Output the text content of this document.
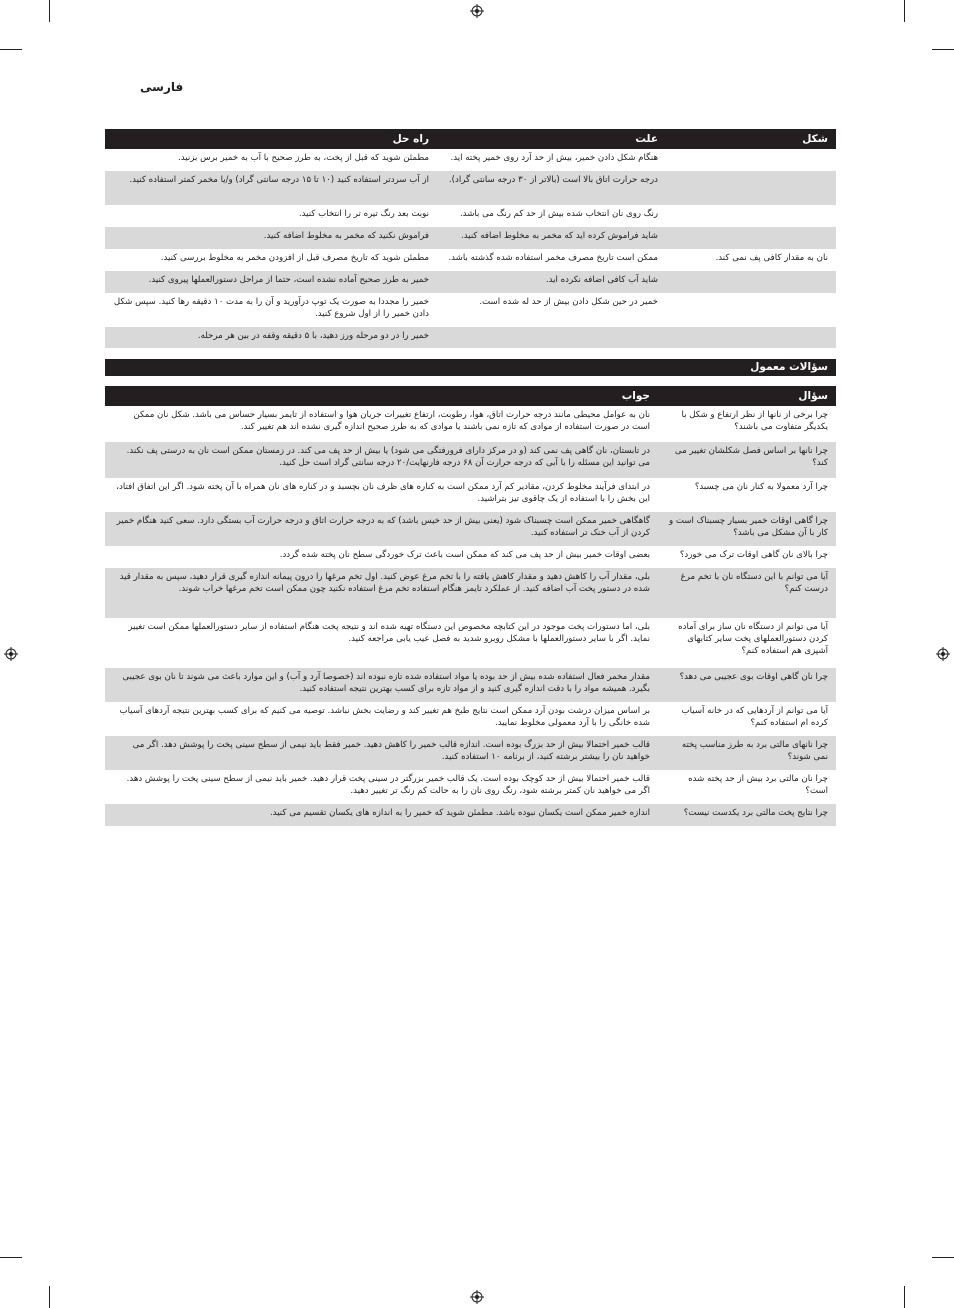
فارسی
شکل
علت
راه حل
نان به مقدار کافی پف نمی کند.
هنگام شکل دادن خمیر، بیش از حد آرد روی خمیر پخته اید.
مطمئن شوید که قبل از پخت، به طرز صحیح با آب به خمیر برس بزنید.
درجه حرارت اتاق بالا است (بالاتر از ۳۰ درجه سانتی گراد).
از آب سردتر استفاده کنید (۱۰ تا ۱۵ درجه سانتی گراد) و/یا مخمر کمتر استفاده کنید.
رنگ روی نان انتخاب شده بیش از حد کم رنگ می باشد.
نوبت بعد رنگ تیره تر را انتخاب کنید.
شاید فراموش کرده اید که مخمر به مخلوط اضافه کنید.
فراموش نکنید که مخمر به مخلوط اضافه کنید.
ممکن است تاریخ مصرف مخمر استفاده شده گذشته باشد.
مطمئن شوید که تاریخ مصرف قبل از افزودن مخمر به مخلوط بررسی کنید.
شاید آب کافی اضافه نکرده اید.
خمیر به طرز صحیح آماده نشده است، حتما از مراحل دستورالعملها پیروی کنید.
خمیر در حین شکل دادن بیش از حد له شده است.
خمیر را مجددا به صورت یک توپ درآورید و آن را به مدت ۱۰ دقیقه رها کنید. سپس شکل دادن خمیر را از اول شروع کنید.
خمیر را در دو مرحله ورز دهید، با ۵ دقیقه وقفه در بین هر مرحله.
سؤالات معمول
سؤال
جواب
چرا برخی از نانها از نظر ارتفاع و شکل با یکدیگر متفاوت می باشند؟
نان به عوامل محیطی مانند درجه حرارت اتاق، هوا، رطوبت، ارتفاع تغییرات جریان هوا و استفاده از تایمر بسیار حساس می باشد. شکل نان ممکن است در صورت استفاده از موادی که تازه نمی باشند یا موادی که به طرز صحیح اندازه گیری نشده اند هم تغییر کند.
چرا نانها بر اساس فصل شکلشان تغییر می کند؟
در تابستان، نان گاهی پف نمی کند (و در مرکز دارای فرورفتگی می شود) یا بیش از حد پف می کند. در زمستان ممکن است نان به درستی پف نکند. می توانید این مسئله را با آبی که درجه حرارت آن ۶۸ درجه فارنهایت/۲۰ درجه سانتی گراد است حل کنید.
چرا آرد معمولا به کنار نان می چسبد؟
در ابتدای فرآیند مخلوط کردن، مقادیر کم آرد ممکن است به کناره های ظرف نان بچسبد و در کناره های نان همراه با آن پخته شود. اگر این اتفاق افتاد، این بخش را با استفاده از یک چاقوی تیز بتراشید.
چرا گاهی اوقات خمیر بسیار چسبناک است و کار با آن مشکل می باشد؟
گاهگاهی خمیر ممکن است چسبناک شود (یعنی بیش از حد خیس باشد) که به درجه حرارت اتاق و درجه حرارت آب بستگی دارد. سعی کنید هنگام خمیر کردن از آب خنک تر استفاده کنید.
چرا بالای نان گاهی اوقات ترک می خورد؟
بعضی اوقات خمیر بیش از حد پف می کند که ممکن است باعث ترک خوردگی سطح نان پخته شده گردد.
آیا می توانم با این دستگاه نان با تخم مرغ درست کنم؟
بلی، مقدار آب را کاهش دهید و مقدار کاهش یافته را با تخم مرغ عوض کنید. اول تخم مرغها را درون پیمانه اندازه گیری قرار دهید، سپس به مقدار قید شده در دستور پخت آب اضافه کنید. از عملکرد تایمر هنگام استفاده تخم مرغ استفاده نکنید چون ممکن است تخم مرغها خراب شوند.
آیا می توانم از دستگاه نان ساز برای آماده کردن دستورالعملهای پخت سایر کتابهای آشپزی هم استفاده کنم؟
بلی، اما دستورات پخت موجود در این کتابچه مخصوص این دستگاه تهیه شده اند و نتیجه پخت هنگام استفاده از سایر دستورالعملها ممکن است تغییر نماید. اگر با سایر دستورالعملها با مشکل روبرو شدید به فصل عیب یابی مراجعه کنید.
چرا نان گاهی اوقات بوی عجیبی می دهد؟
مقدار مخمر فعال استفاده شده بیش از حد بوده یا مواد استفاده شده تازه نبوده اند (خصوصا آرد و آب) و این موارد باعث می شوند تا نان بوی عجیبی بگیرد. همیشه مواد را با دقت اندازه گیری کنید و از مواد تازه برای کسب بهترین نتیجه استفاده کنید.
آیا می توانم از آردهایی که در خانه آسیاب کرده ام استفاده کنم؟
بر اساس میزان درشت بودن آرد ممکن است نتایج طبخ هم تغییر کند و رضایت بخش نباشد. توصیه می کنیم که برای کسب بهترین نتیجه آردهای آسیاب شده خانگی را با آرد معمولی مخلوط نمایید.
چرا نانهای مالتی برد به طرز مناسب پخته نمی شوند؟
قالب خمیر احتمالا بیش از حد بزرگ بوده است. اندازه قالب خمیر را کاهش دهید. خمیر فقط باید نیمی از سطح سینی پخت را پوشش دهد. اگر می خواهید نان را بیشتر برشته کنید، از برنامه ۱۰ استفاده کنید.
چرا نان مالتی برد بیش از حد پخته شده است؟
قالب خمیر احتمالا بیش از حد کوچک بوده است. یک قالب خمیر بزرگتر در سینی پخت قرار دهید. خمیر باید نیمی از سطح سینی پخت را پوشش دهد. اگر می خواهید نان کمتر برشته شود، رنگ روی نان را به حالت کم رنگ تر تغییر دهید.
چرا نتایج پخت مالتی برد یکدست نیست؟
اندازه خمیر ممکن است یکسان نبوده باشد. مطمئن شوید که خمیر را به اندازه های یکسان تقسیم می کنید.
